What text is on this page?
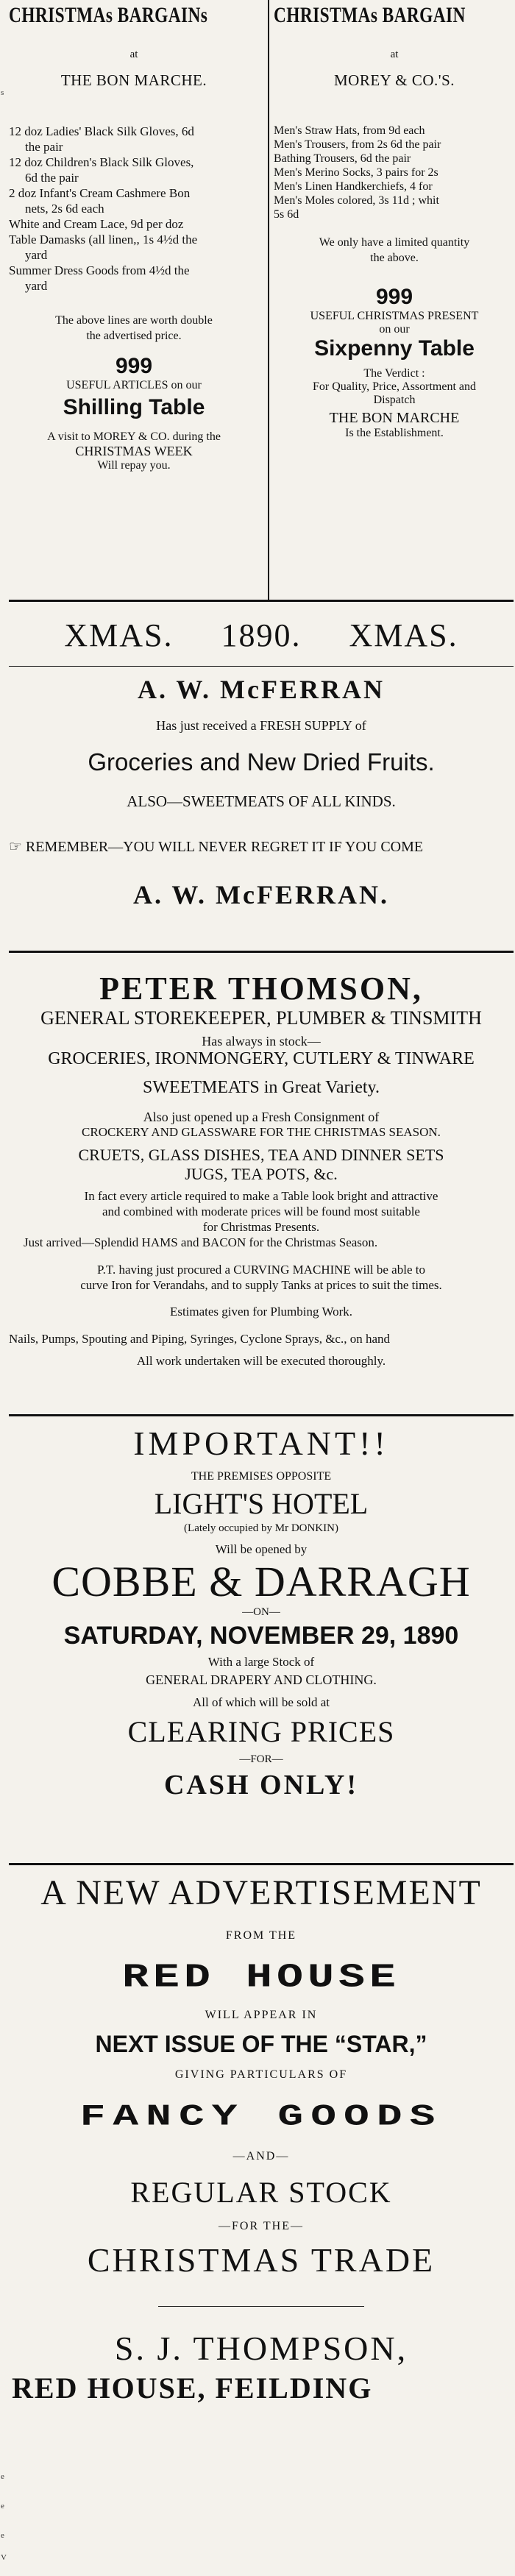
s
e
e
e
V
CHRISTMAs BARGAINs
at
THE BON MARCHE.
12 doz Ladies' Black Silk Gloves, 6d
the pair
12 doz Children's Black Silk Gloves,
6d the pair
2 doz Infant's Cream Cashmere Bon
nets, 2s 6d each
White and Cream Lace, 9d per doz
Table Damasks (all linen,, 1s 4½d the
yard
Summer Dress Goods from 4½d the
yard
The above lines are worth double
the advertised price.
999
USEFUL ARTICLES on our
Shilling Table
A visit to MOREY & CO. during the
CHRISTMAS WEEK
Will repay you.
CHRISTMAs BARGAIN
at
MOREY & CO.'S.
Men's Straw Hats, from 9d each
Men's Trousers, from 2s 6d the pair
Bathing Trousers, 6d the pair
Men's Merino Socks, 3 pairs for 2s
Men's Linen Handkerchiefs, 4 for
Men's Moles colored, 3s 11d ; whit
5s 6d
We only have a limited quantity
the above.
999
USEFUL CHRISTMAS PRESENT
on our
Sixpenny Table
The Verdict :
For Quality, Price, Assortment and
Dispatch
THE BON MARCHE
Is the Establishment.
XMAS.     1890.     XMAS.
A. W. McFERRAN
Has just received a FRESH SUPPLY of
Groceries and New Dried Fruits.
ALSO—SWEETMEATS OF ALL KINDS.
☞ REMEMBER—YOU WILL NEVER REGRET IT IF YOU COME
A. W. McFERRAN.
PETER THOMSON,
GENERAL STOREKEEPER, PLUMBER & TINSMITH
Has always in stock—
GROCERIES, IRONMONGERY, CUTLERY & TINWARE
SWEETMEATS in Great Variety.
Also just opened up a Fresh Consignment of
CROCKERY AND GLASSWARE FOR THE CHRISTMAS SEASON.
CRUETS, GLASS DISHES, TEA AND DINNER SETS
JUGS, TEA POTS, &c.
In fact every article required to make a Table look bright and attractive
and combined with moderate prices will be found most suitable
for Christmas Presents.
Just arrived—Splendid HAMS and BACON for the Christmas Season.
P.T. having just procured a CURVING MACHINE will be able to
curve Iron for Verandahs, and to supply Tanks at prices to suit the times.
Estimates given for Plumbing Work.
Nails, Pumps, Spouting and Piping, Syringes, Cyclone Sprays, &c., on hand
All work undertaken will be executed thoroughly.
IMPORTANT!!
THE PREMISES OPPOSITE
LIGHT'S HOTEL
(Lately occupied by Mr DONKIN)
Will be opened by
COBBE & DARRAGH
—ON—
SATURDAY, NOVEMBER 29, 1890
With a large Stock of
GENERAL DRAPERY AND CLOTHING.
All of which will be sold at
CLEARING PRICES
—FOR—
CASH ONLY!
A NEW ADVERTISEMENT
FROM THE
RED HOUSE
WILL APPEAR IN
NEXT ISSUE OF THE “STAR,”
GIVING PARTICULARS OF
FANCY GOODS
—AND—
REGULAR STOCK
—FOR THE—
CHRISTMAS TRADE
S. J. THOMPSON,
RED HOUSE, FEILDING
